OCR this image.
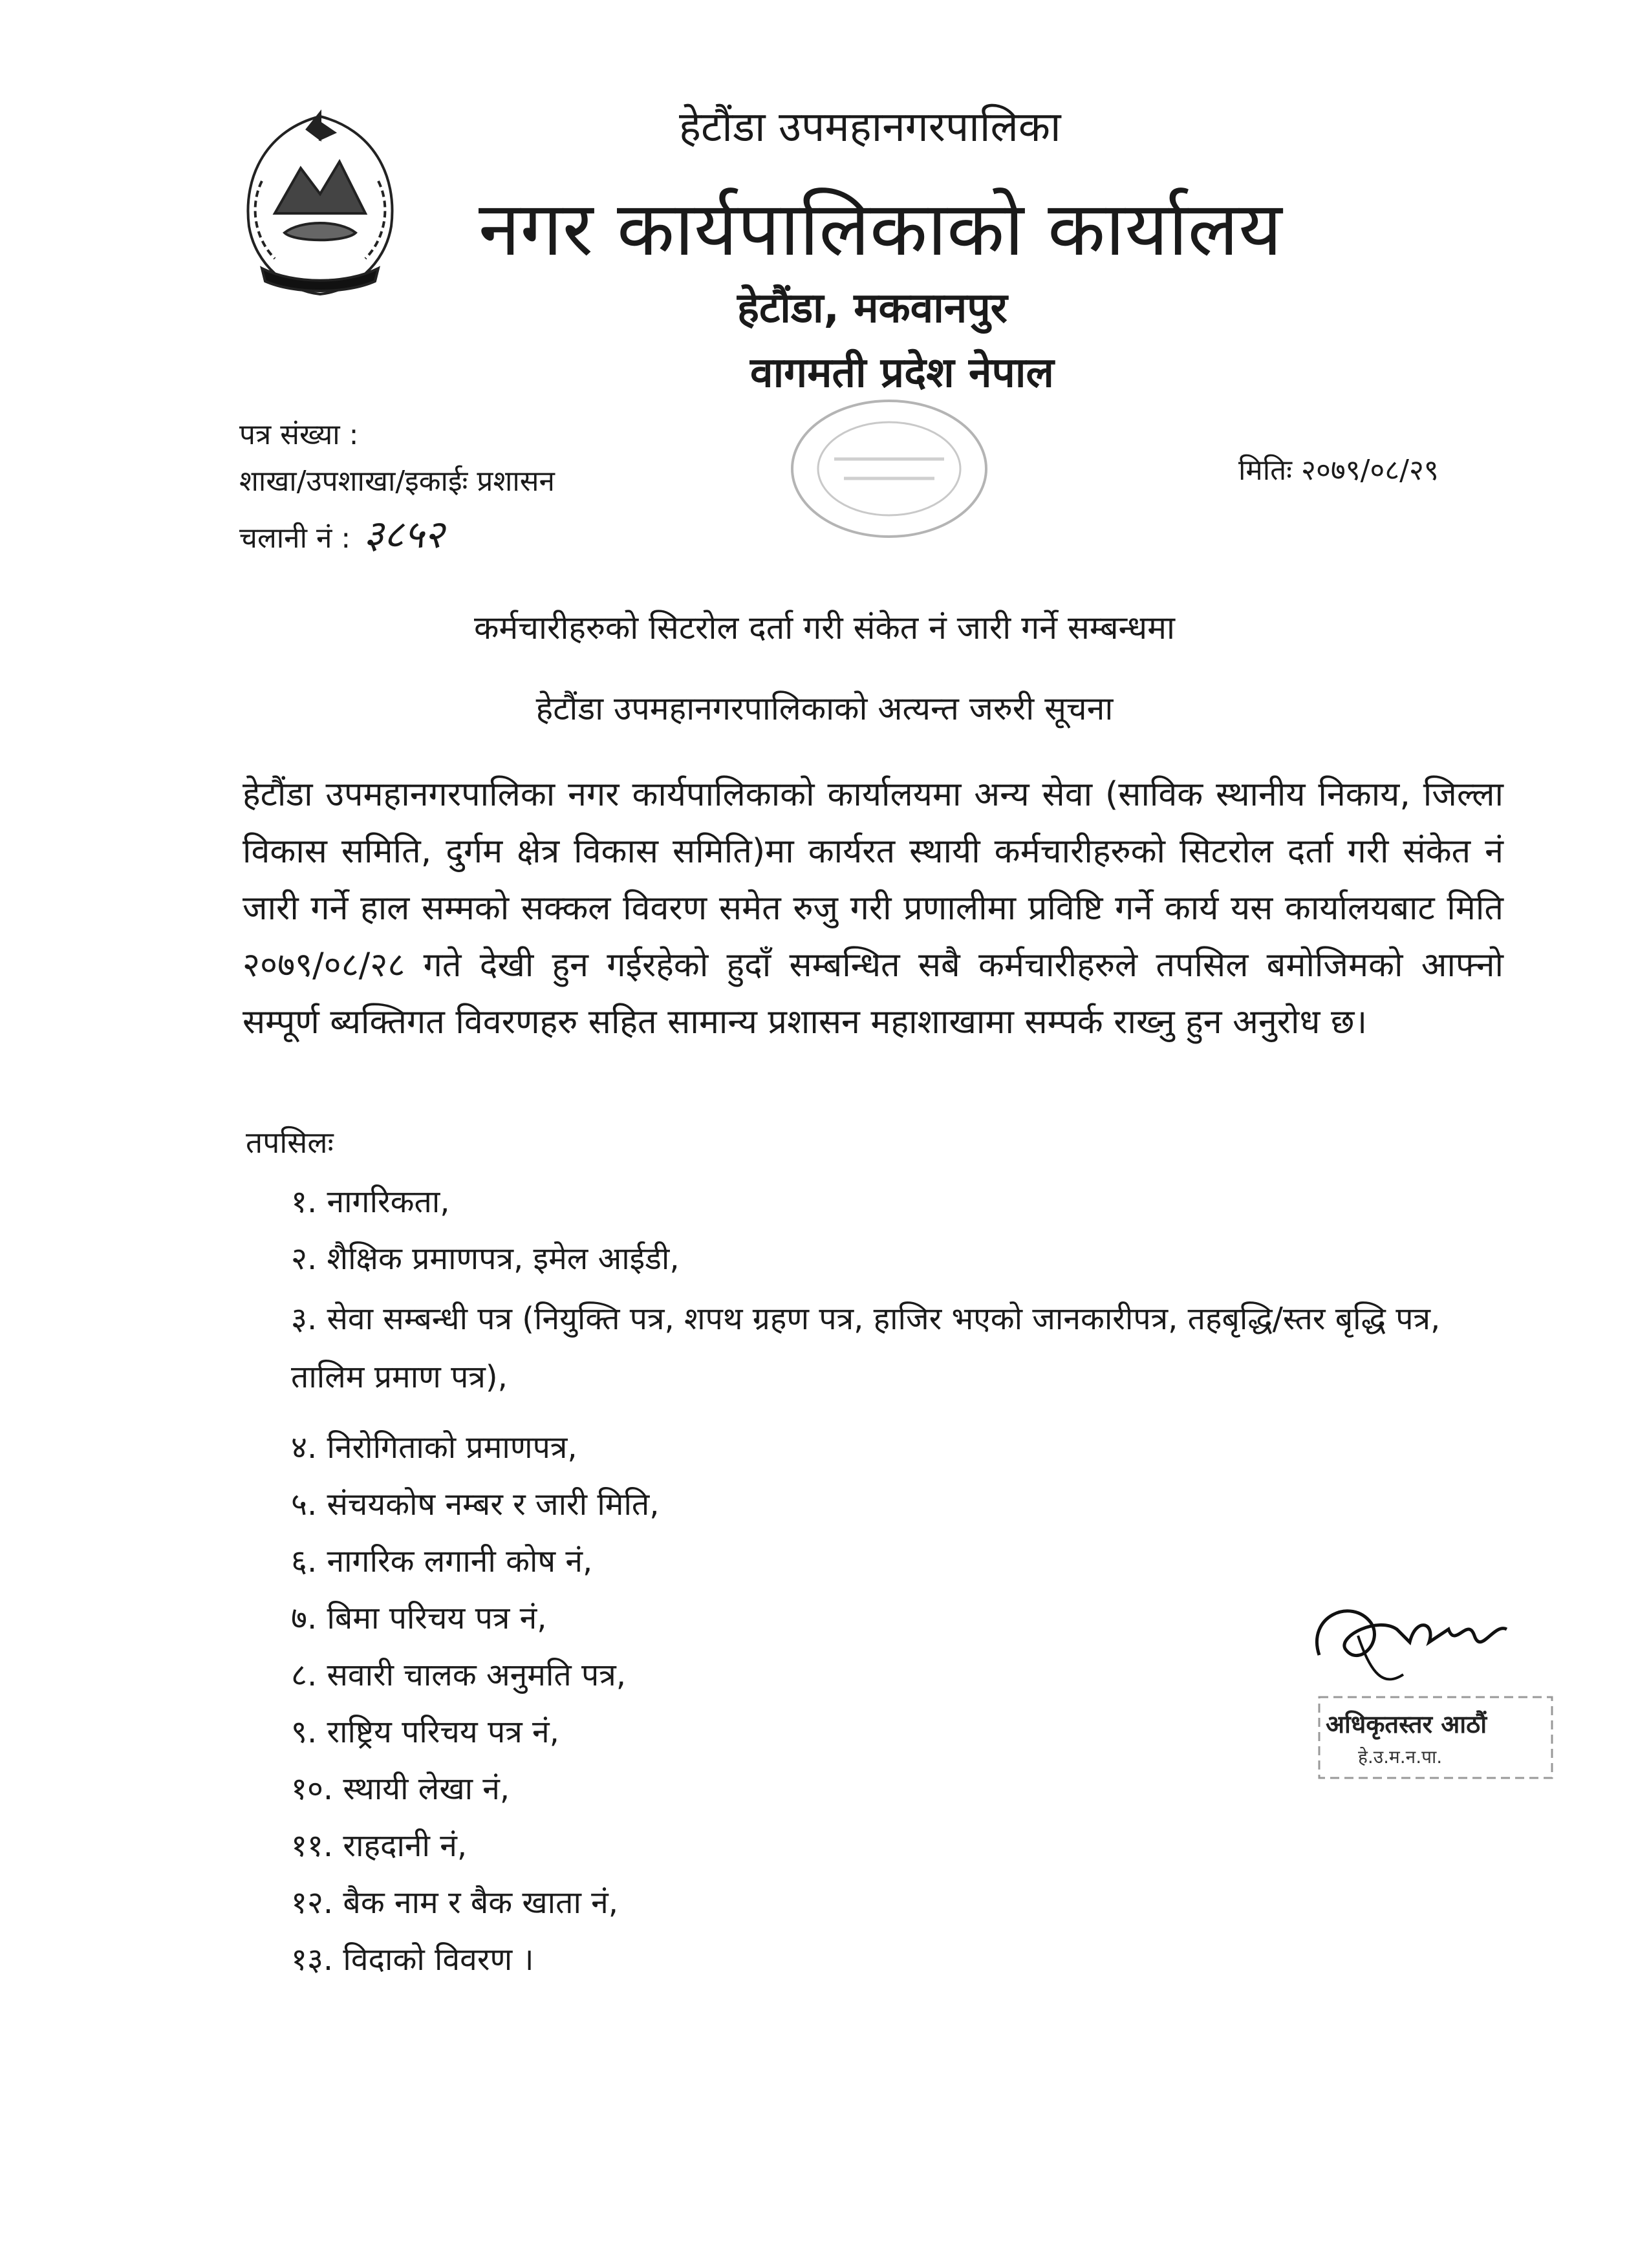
हेटौंडा उपमहानगरपालिका
नगर कार्यपालिकाको कार्यालय
हेटौंडा, मकवानपुर
वागमती प्रदेश नेपाल
पत्र संख्या :
शाखा/उपशाखा/इकाईः प्रशासन
चलानी नं : ३८५२
मितिः २०७९/०८/२९
कर्मचारीहरुको सिटरोल दर्ता गरी संकेत नं जारी गर्ने सम्बन्धमा
हेटौंडा उपमहानगरपालिकाको अत्यन्त जरुरी सूचना
हेटौंडा उपमहानगरपालिका नगर कार्यपालिकाको कार्यालयमा अन्य सेवा (साविक स्थानीय निकाय, जिल्ला विकास समिति, दुर्गम क्षेत्र विकास समिति)मा कार्यरत स्थायी कर्मचारीहरुको सिटरोल दर्ता गरी संकेत नं जारी गर्ने हाल सम्मको सक्कल विवरण समेत रुजु गरी प्रणालीमा प्रविष्टि गर्ने कार्य यस कार्यालयबाट मिति २०७९/०८/२८ गते देखी हुन गईरहेको हुदाँ सम्बन्धित सबै कर्मचारीहरुले तपसिल बमोजिमको आफ्नो सम्पूर्ण ब्यक्तिगत विवरणहरु सहित सामान्य प्रशासन महाशाखामा सम्पर्क राख्नु हुन अनुरोध छ।
तपसिलः
१. नागरिकता,
२. शैक्षिक प्रमाणपत्र, इमेल आईडी,
३. सेवा सम्बन्धी पत्र (नियुक्ति पत्र, शपथ ग्रहण पत्र, हाजिर भएको जानकारीपत्र, तहबृद्धि/स्तर बृद्धि पत्र, तालिम प्रमाण पत्र),
४. निरोगिताको प्रमाणपत्र,
५. संचयकोष नम्बर र जारी मिति,
६. नागरिक लगानी कोष नं,
७. बिमा परिचय पत्र नं,
८. सवारी चालक अनुमति पत्र,
९. राष्ट्रिय परिचय पत्र नं,
१०. स्थायी लेखा नं,
११. राहदानी नं,
१२. बैक नाम र बैक खाता नं,
१३. विदाको विवरण ।
अधिकृतस्तर आठौं
हे.उ.म.न.पा.
